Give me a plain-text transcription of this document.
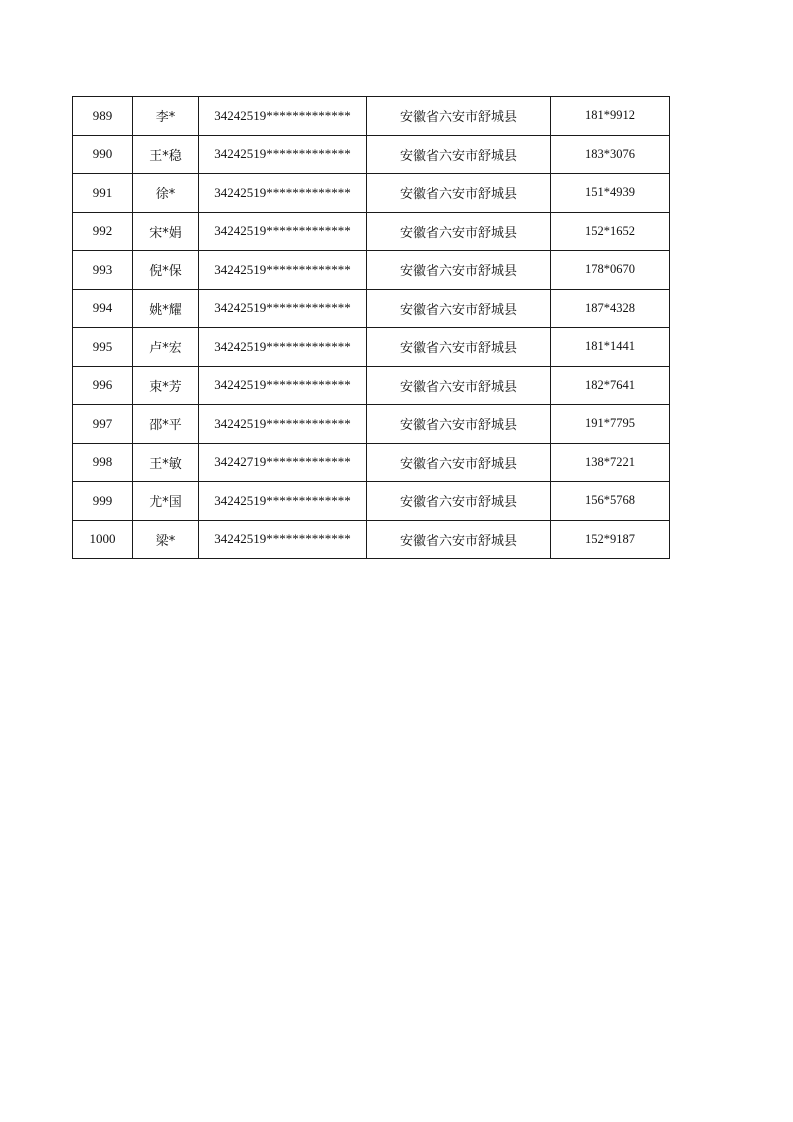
989	李*	34242519*************	安徽省六安市舒城县	181*9912
990	王*稳	34242519*************	安徽省六安市舒城县	183*3076
991	徐*	34242519*************	安徽省六安市舒城县	151*4939
992	宋*娟	34242519*************	安徽省六安市舒城县	152*1652
993	倪*保	34242519*************	安徽省六安市舒城县	178*0670
994	姚*耀	34242519*************	安徽省六安市舒城县	187*4328
995	卢*宏	34242519*************	安徽省六安市舒城县	181*1441
996	束*芳	34242519*************	安徽省六安市舒城县	182*7641
997	邵*平	34242519*************	安徽省六安市舒城县	191*7795
998	王*敏	34242719*************	安徽省六安市舒城县	138*7221
999	尤*国	34242519*************	安徽省六安市舒城县	156*5768
1000	梁*	34242519*************	安徽省六安市舒城县	152*9187
